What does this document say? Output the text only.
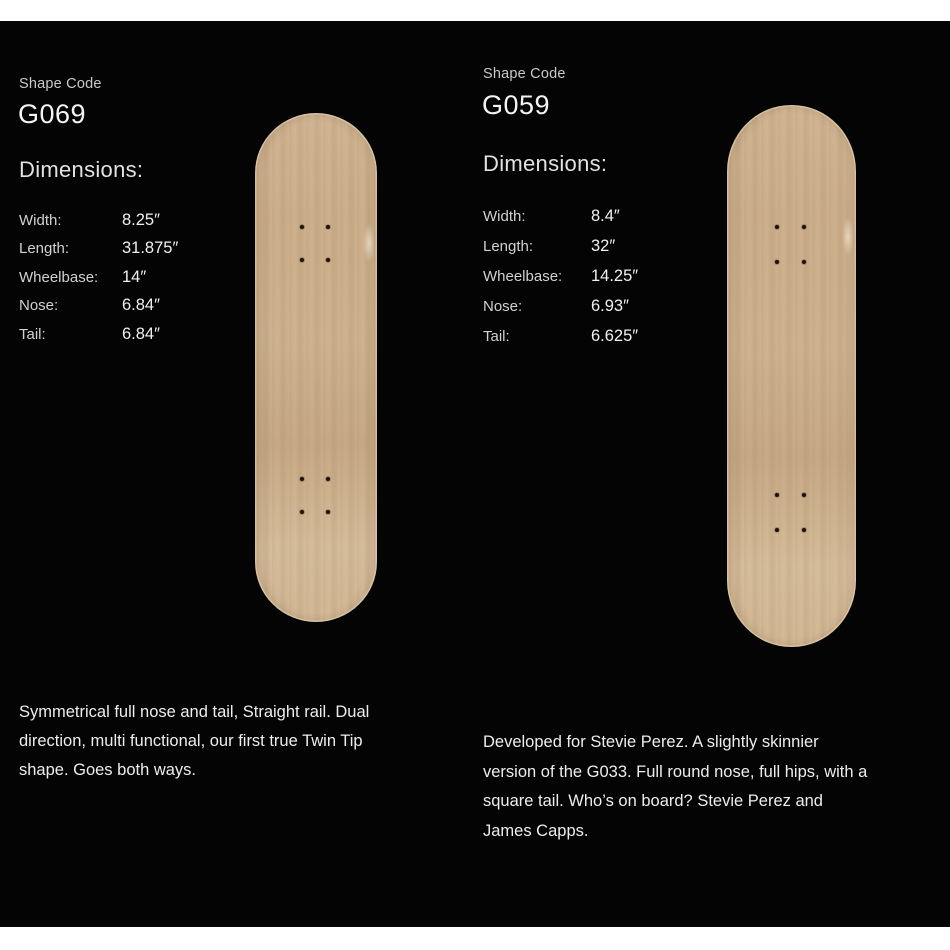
Shape Code
G069
Dimensions:
Width:	8.25″
Length:	31.875″
Wheelbase: 14″
Nose:	6.84″
Tail:	6.84″
Symmetrical full nose and tail, Straight rail. Dual
direction, multi functional, our first true Twin Tip
shape. Goes both ways.
Shape Code
G059
Dimensions:
Width:	8.4″
Length:	32″
Wheelbase: 14.25″
Nose:	6.93″
Tail:	6.625″
Developed for Stevie Perez. A slightly skinnier
version of the G033. Full round nose, full hips, with a
square tail. Who’s on board? Stevie Perez and
James Capps.
